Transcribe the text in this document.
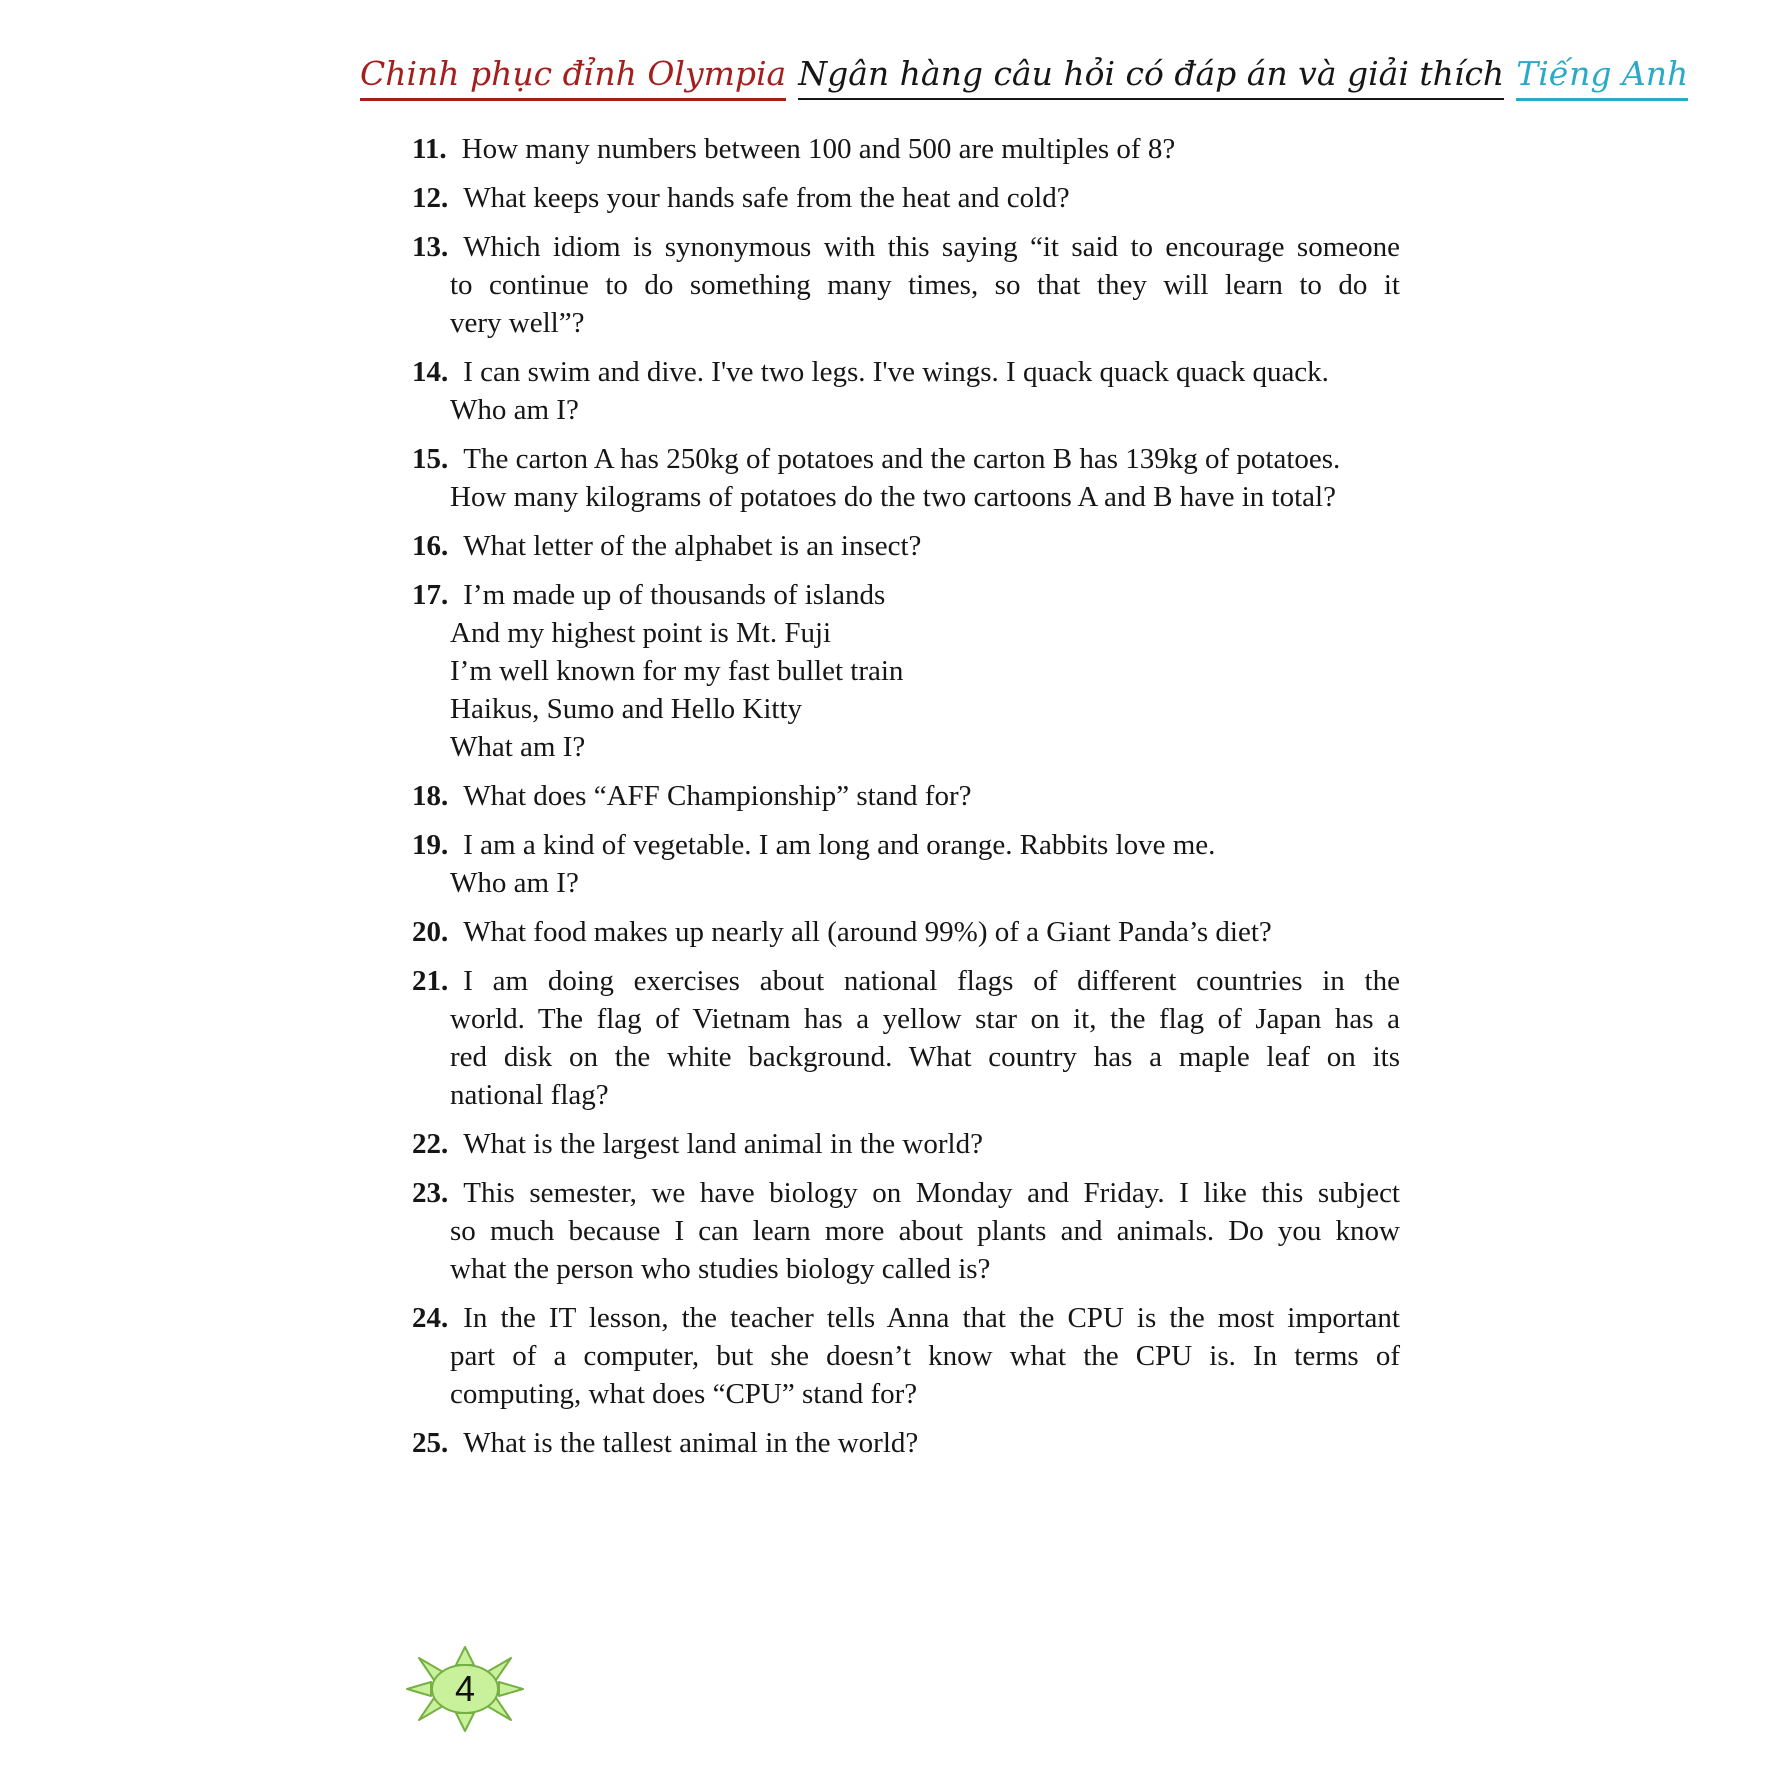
Chinh phục đỉnh Olympia Ngân hàng câu hỏi có đáp án và giải thích Tiếng Anh
11. How many numbers between 100 and 500 are multiples of 8?
12. What keeps your hands safe from the heat and cold?
13. Which idiom is synonymous with this saying “it said to encourage someone
to continue to do something many times, so that they will learn to do it
very well”?
14. I can swim and dive. I've two legs. I've wings. I quack quack quack quack.
Who am I?
15. The carton A has 250kg of potatoes and the carton B has 139kg of potatoes.
How many kilograms of potatoes do the two cartoons A and B have in total?
16. What letter of the alphabet is an insect?
17. I’m made up of thousands of islands
And my highest point is Mt. Fuji
I’m well known for my fast bullet train
Haikus, Sumo and Hello Kitty
What am I?
18. What does “AFF Championship” stand for?
19. I am a kind of vegetable. I am long and orange. Rabbits love me.
Who am I?
20. What food makes up nearly all (around 99%) of a Giant Panda’s diet?
21. I am doing exercises about national flags of different countries in the
world. The flag of Vietnam has a yellow star on it, the flag of Japan has a
red disk on the white background. What country has a maple leaf on its
national flag?
22. What is the largest land animal in the world?
23. This semester, we have biology on Monday and Friday. I like this subject
so much because I can learn more about plants and animals. Do you know
what the person who studies biology called is?
24. In the IT lesson, the teacher tells Anna that the CPU is the most important
part of a computer, but she doesn’t know what the CPU is. In terms of
computing, what does “CPU” stand for?
25. What is the tallest animal in the world?
4
